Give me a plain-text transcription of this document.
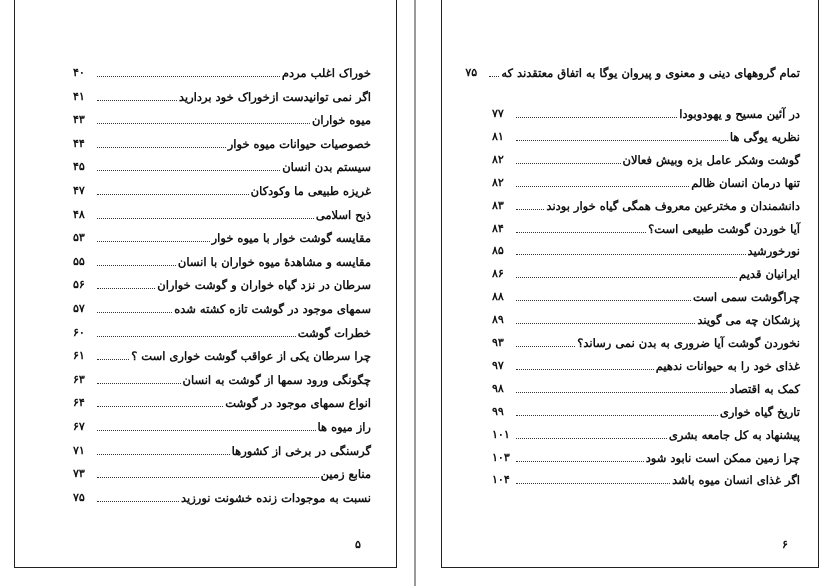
خوراک اغلب مردم
۴۰
اگر نمی توانیدست ازخوراک خود بردارید
۴۱
میوه خواران
۴۳
خصوصیات حیوانات میوه خوار
۴۴
سیستم بدن انسان
۴۵
غریزه طبیعی ما وکودکان
۴۷
ذبح اسلامی
۴۸
مقایسه گوشت خوار با میوه خوار
۵۳
مقایسه و مشاهدهٔ میوه خواران با انسان
۵۵
سرطان در نزد گیاه خواران و گوشت خواران
۵۶
سمهای موجود در گوشت تازه کشته شده
۵۷
خطرات گوشت
۶۰
چرا سرطان یکی از عواقب گوشت خواری است ؟
۶۱
چگونگی ورود سمها از گوشت به انسان
۶۳
انواع سمهای موجود در گوشت
۶۴
راز میوه ها
۶۷
گرسنگی در برخی از کشورها
۷۱
منابع زمین
۷۳
نسبت به موجودات زنده خشونت نورزید
۷۵
۵
تمام گروههای دینی و معنوی و پیروان یوگا به اتفاق معتقدند که
۷۵
در آئین مسیح و یهودوبودا
۷۷
نظریه یوگی ها
۸۱
گوشت وشکر عامل بزه وبیش فعالان
۸۲
تنها درمان انسان ظالم
۸۲
دانشمندان و مخترعین معروف همگی گیاه خوار بودند
۸۳
آیا خوردن گوشت طبیعی است؟
۸۴
نورخورشید
۸۵
ایرانیان قدیم
۸۶
چراگوشت سمی است
۸۸
پزشکان چه می گویند
۸۹
نخوردن گوشت آیا ضروری به بدن نمی رساند؟
۹۳
غذای خود را به حیوانات ندهیم
۹۷
کمک به اقتصاد
۹۸
تاریخ گیاه خواری
۹۹
پیشنهاد به کل جامعه بشری
۱۰۱
چرا زمین ممکن است نابود شود
۱۰۳
اگر غذای انسان میوه باشد
۱۰۴
۶
